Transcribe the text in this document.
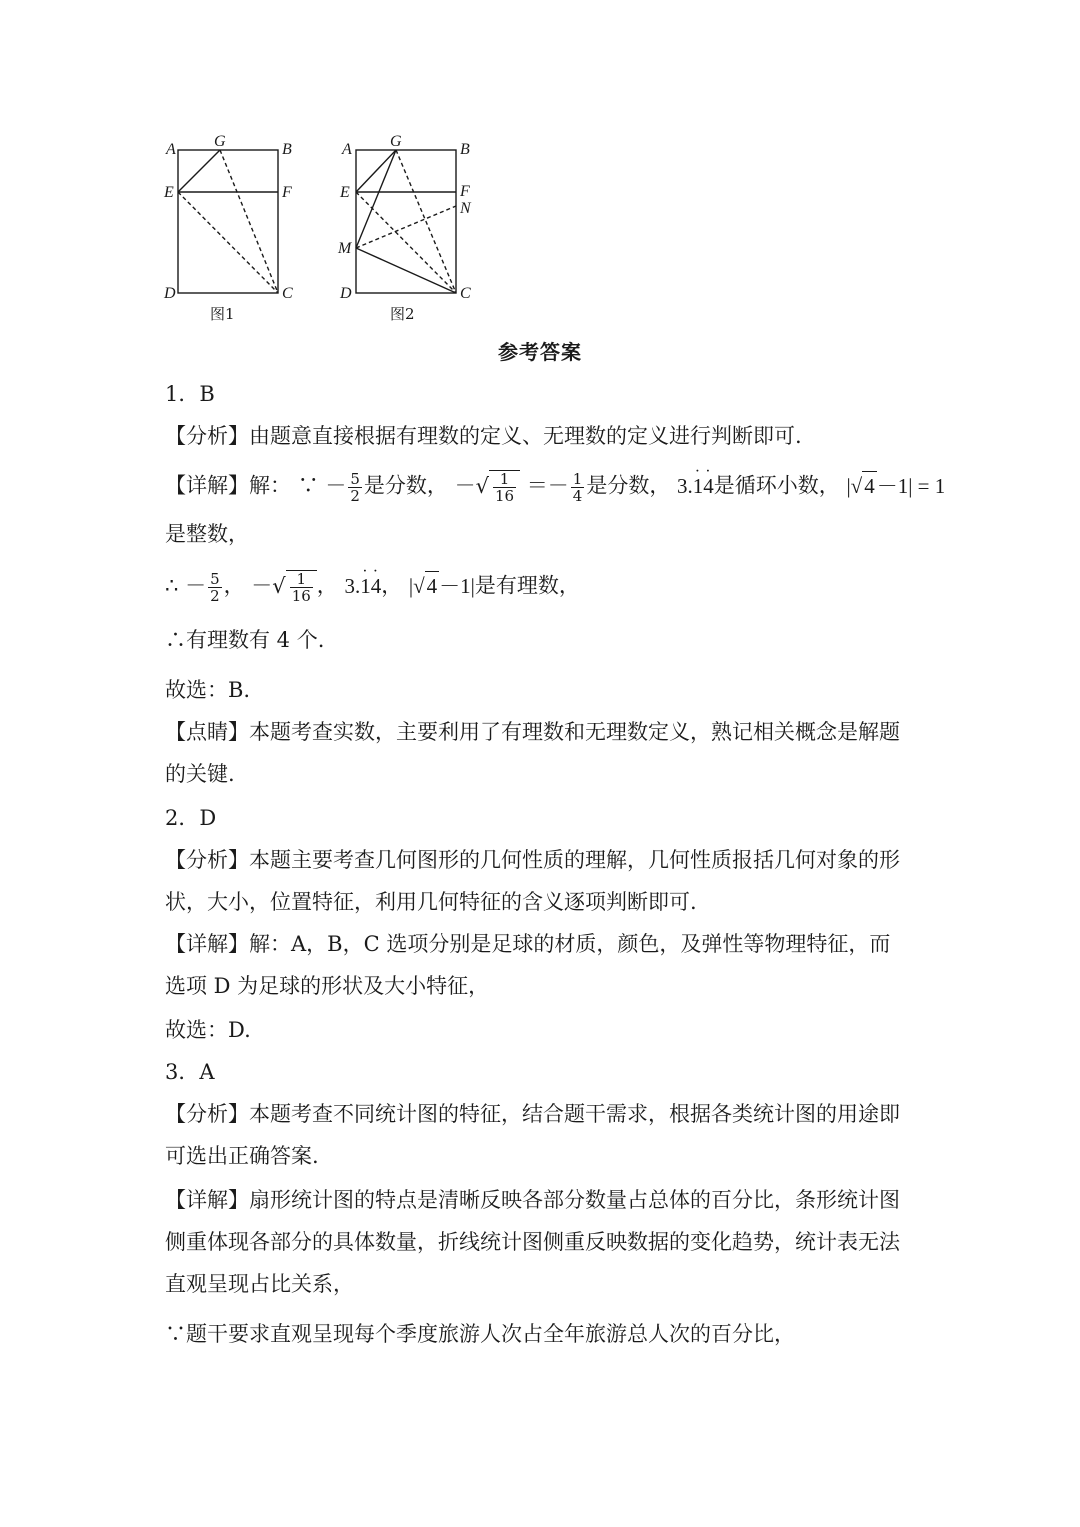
A G	B
E	F
D	C
图1
A G	B
E	F
N
M
D	C
图2
参考答案
1．B
【分析】由题意直接根据有理数的定义、无理数的定义进行判断即可.
【详解】解： ∵ － $\frac{5}{2}$ 是分数， －√ $\frac{1}{16} =- \frac{1}{4}$ 是分数， 3.1 ·4 ·是循环小数， |√4－1| = 1
是整数，
∴ － $\frac{5}{2}$ ， －√ $\frac{1}{16}$ ， 3.1 ·4 ·， |√4－1|是有理数，
∴有理数有 4 个.
故选：B.
【点睛】本题考查实数，主要利用了有理数和无理数定义，熟记相关概念是解题
的关键.
2．D
【分析】本题主要考查几何图形的几何性质的理解，几何性质报括几何对象的形
状，大小，位置特征，利用几何特征的含义逐项判断即可.
【详解】解：A，B，C 选项分别是足球的材质，颜色，及弹性等物理特征，而
选项 D 为足球的形状及大小特征，
故选：D.
3．A
【分析】本题考查不同统计图的特征，结合题干需求，根据各类统计图的用途即
可选出正确答案.
【详解】扇形统计图的特点是清晰反映各部分数量占总体的百分比，条形统计图
侧重体现各部分的具体数量，折线统计图侧重反映数据的变化趋势，统计表无法
直观呈现占比关系，
∵题干要求直观呈现每个季度旅游人次占全年旅游总人次的百分比，
